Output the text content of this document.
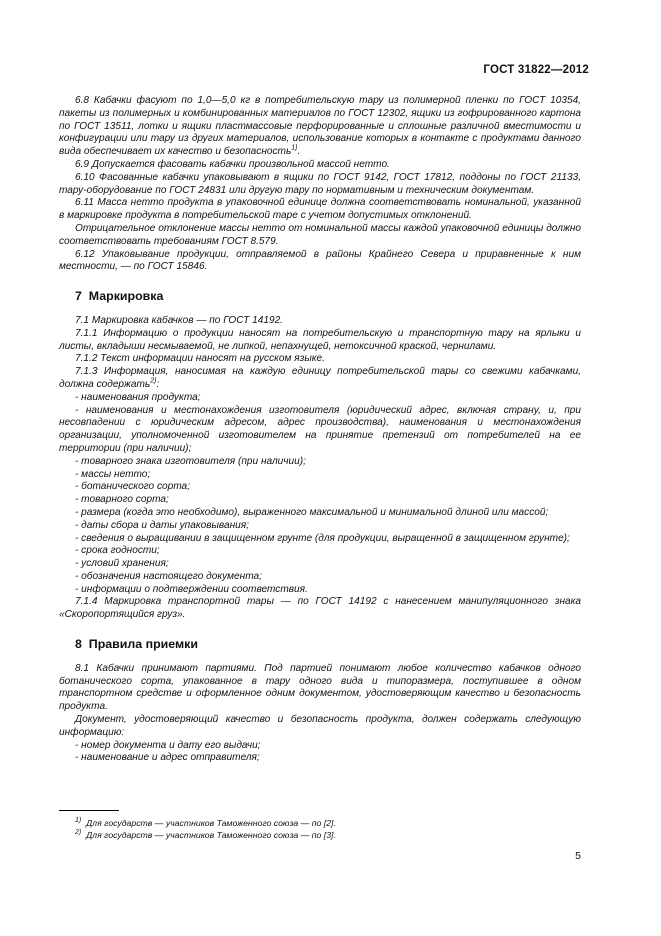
ГОСТ 31822—2012

6.8 Кабачки фасуют по 1,0—5,0 кг в потребительскую тару из полимерной пленки по ГОСТ 10354, пакеты из полимерных и комбинированных материалов по ГОСТ 12302, ящики из гофрированного картона по ГОСТ 13511, лотки и ящики пластмассовые перфорированные и сплошные различной вместимости и конфигурации или тару из других материалов, использование которых в контакте с продуктами данного вида обеспечивает их качество и безопасность$^{1)}$.

6.9 Допускается фасовать кабачки произвольной массой нетто.

6.10 Фасованные кабачки упаковывают в ящики по ГОСТ 9142, ГОСТ 17812, поддоны по ГОСТ 21133, тару-оборудование по ГОСТ 24831 или другую тару по нормативным и техническим документам.

6.11 Масса нетто продукта в упаковочной единице должна соответствовать номинальной, указанной в маркировке продукта в потребительской таре с учетом допустимых отклонений.

Отрицательное отклонение массы нетто от номинальной массы каждой упаковочной единицы должно соответствовать требованиям ГОСТ 8.579.

6.12 Упаковывание продукции, отправляемой в районы Крайнего Севера и приравненные к ним местности, — по ГОСТ 15846.

7 Маркировка

7.1 Маркировка кабачков — по ГОСТ 14192.

7.1.1 Информацию о продукции наносят на потребительскую и транспортную тару на ярлыки и листы, вкладыши несмываемой, не липкой, непахнущей, нетоксичной краской, чернилами.

7.1.2 Текст информации наносят на русском языке.

7.1.3 Информация, наносимая на каждую единицу потребительской тары со свежими кабачками, должна содержать$^{2)}$:

- наименования продукта;

- наименования и местонахождения изготовителя (юридический адрес, включая страну, и, при несовпадении с юридическим адресом, адрес производства), наименования и местонахождения организации, уполномоченной изготовителем на принятие претензий от потребителей на ее территории (при наличии);

- товарного знака изготовителя (при наличии);

- массы нетто;

- ботанического сорта;

- товарного сорта;

- размера (когда это необходимо), выраженного максимальной и минимальной длиной или массой;

- даты сбора и даты упаковывания;

- сведения о выращивании в защищенном грунте (для продукции, выращенной в защищенном грунте);

- срока годности;

- условий хранения;

- обозначения настоящего документа;

- информации о подтверждении соответствия.

7.1.4 Маркировка транспортной тары — по ГОСТ 14192 с нанесением манипуляционного знака «Скоропортящийся груз».

8 Правила приемки

8.1 Кабачки принимают партиями. Под партией понимают любое количество кабачков одного ботанического сорта, упакованное в тару одного вида и типоразмера, поступившее в одном транспортном средстве и оформленное одним документом, удостоверяющим качество и безопасность продукта.

Документ, удостоверяющий качество и безопасность продукта, должен содержать следующую информацию:

- номер документа и дату его выдачи;

- наименование и адрес отправителя;

$^{1)}$ Для государств — участников Таможенного союза — по [2].
$^{2)}$ Для государств — участников Таможенного союза — по [3].
5
